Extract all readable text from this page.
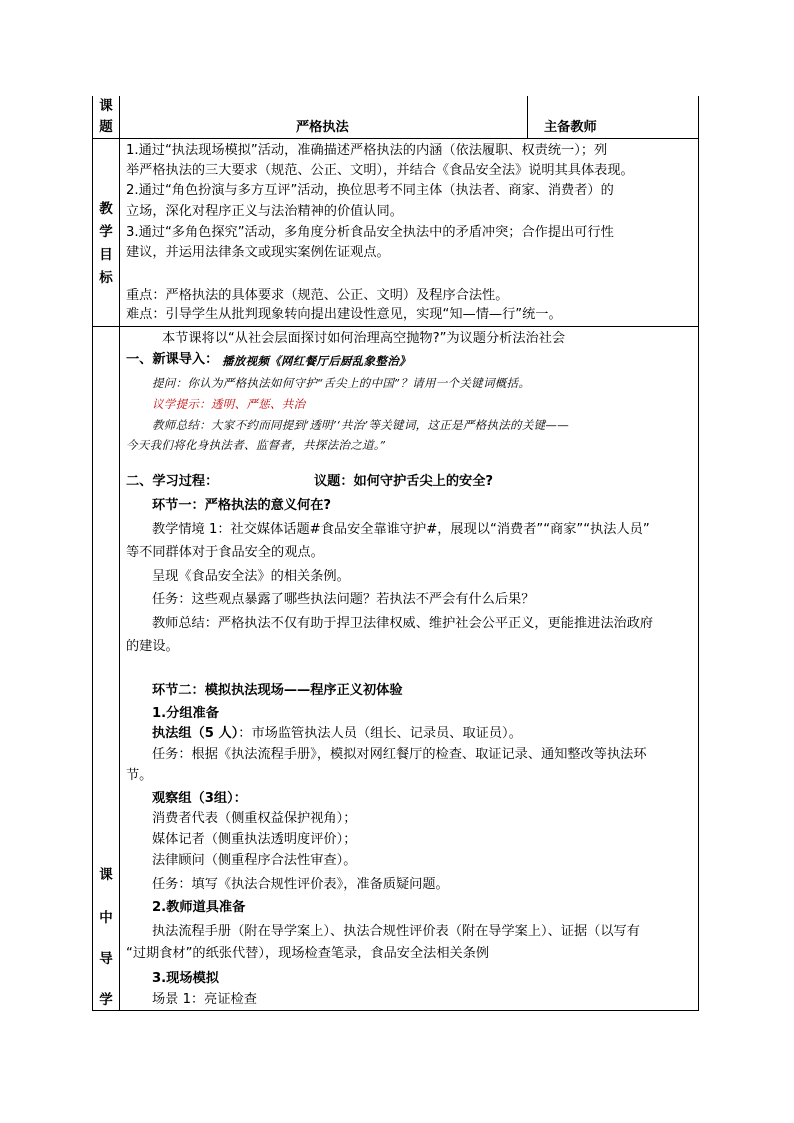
课
题	严格执法	主备教师
教
学
目
标
1.通过“执法现场模拟”活动，准确描述严格执法的内涵（依法履职、权责统一）；列
举严格执法的三大要求（规范、公正、文明），并结合《食品安全法》说明其具体表现。
2.通过“角色扮演与多方互评”活动，换位思考不同主体（执法者、商家、消费者）的
立场，深化对程序正义与法治精神的价值认同。
3.通过“多角色探究”活动，多角度分析食品安全执法中的矛盾冲突；合作提出可行性
建议，并运用法律条文或现实案例佐证观点。
重点：严格执法的具体要求（规范、公正、文明）及程序合法性。
难点：引导学生从批判现象转向提出建设性意见，实现“知—情—行”统一。
课
中
导
学
本节课将以“从社会层面探讨如何治理高空抛物?”为议题分析法治社会
一、新课导入： 播放视频《网红餐厅后厨乱象整治》
提问：你认为严格执法如何守护“舌尖上的中国”？请用一个关键词概括。
议学提示：透明、严惩、共治
教师总结：大家不约而同提到‘透明’‘共治’等关键词，这正是严格执法的关键——
今天我们将化身执法者、监督者，共探法治之道。”
二、学习过程：	议题：如何守护舌尖上的安全?
环节一：严格执法的意义何在?
教学情境 1：社交媒体话题#食品安全靠谁守护#，展现以“消费者”“商家”“执法人员”
等不同群体对于食品安全的观点。
呈现《食品安全法》的相关条例。
任务：这些观点暴露了哪些执法问题？若执法不严会有什么后果？
教师总结：严格执法不仅有助于捍卫法律权威、维护社会公平正义，更能推进法治政府
的建设。
环节二：模拟执法现场——程序正义初体验
1.分组准备
执法组（5 人）：市场监管执法人员（组长、记录员、取证员）。
任务：根据《执法流程手册》，模拟对网红餐厅的检查、取证记录、通知整改等执法环
节。
观察组（3组）：
消费者代表（侧重权益保护视角）；
媒体记者（侧重执法透明度评价）；
法律顾问（侧重程序合法性审查）。
任务：填写《执法合规性评价表》，准备质疑问题。
2.教师道具准备
执法流程手册（附在导学案上）、执法合规性评价表（附在导学案上）、证据（以写有
“过期食材”的纸张代替），现场检查笔录，食品安全法相关条例
3.现场模拟
场景 1：亮证检查
